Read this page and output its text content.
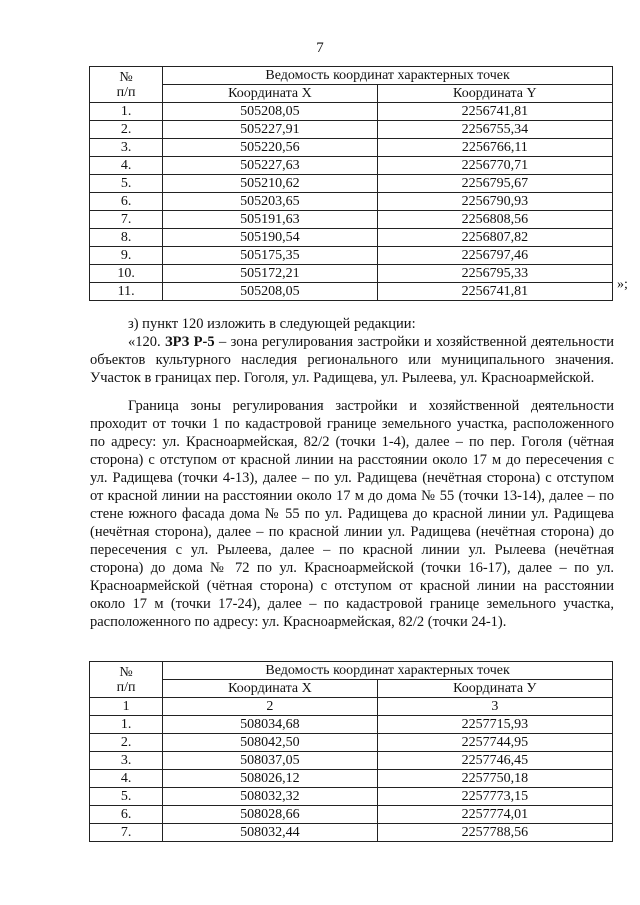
7
№
п/п	Ведомость координат характерных точек	
	Координата X	Координата Y
1.	505208,05	2256741,81
2.	505227,91	2256755,34
3.	505220,56	2256766,11
4.	505227,63	2256770,71
5.	505210,62	2256795,67
6.	505203,65	2256790,93
7.	505191,63	2256808,56
8.	505190,54	2256807,82
9.	505175,35	2256797,46
10.	505172,21	2256795,33
11.	505208,05	2256741,81	»;

з) пункт 120 изложить в следующей редакции:

«120. ЗРЗ Р-5 – зона регулирования застройки и хозяйственной деятельности объектов культурного наследия регионального или муниципального значения. Участок в границах пер. Гоголя, ул. Радищева, ул. Рылеева, ул. Красноармейской.

Граница зоны регулирования застройки и хозяйственной деятельности проходит от точки 1 по кадастровой границе земельного участка, расположенного по адресу: ул. Красноармейская, 82/2 (точки 1-4), далее – по пер. Гоголя (чётная сторона) с отступом от красной линии на расстоянии около 17 м до пересечения с ул. Радищева (точки 4-13), далее – по ул. Радищева (нечётная сторона) с отступом от красной линии на расстоянии около 17 м до дома № 55 (точки 13-14), далее – по стене южного фасада дома № 55 по ул. Радищева до красной линии ул. Радищева (нечётная сторона), далее – по красной линии ул. Радищева (нечётная сторона) до пересечения с ул. Рылеева, далее – по красной линии ул. Рылеева (нечётная сторона) до дома № 72 по ул. Красноармейской (точки 16-17), далее – по ул. Красноармейской (чётная сторона) с отступом от красной линии на расстоянии около 17 м (точки 17-24), далее – по кадастровой границе земельного участка, расположенного по адресу: ул. Красноармейская, 82/2 (точки 24-1).

№
п/п	Ведомость координат характерных точек	
	Координата X	Координата У
1	2	3
1.	508034,68	2257715,93
2.	508042,50	2257744,95
3.	508037,05	2257746,45
4.	508026,12	2257750,18
5.	508032,32	2257773,15
6.	508028,66	2257774,01
7.	508032,44	2257788,56
